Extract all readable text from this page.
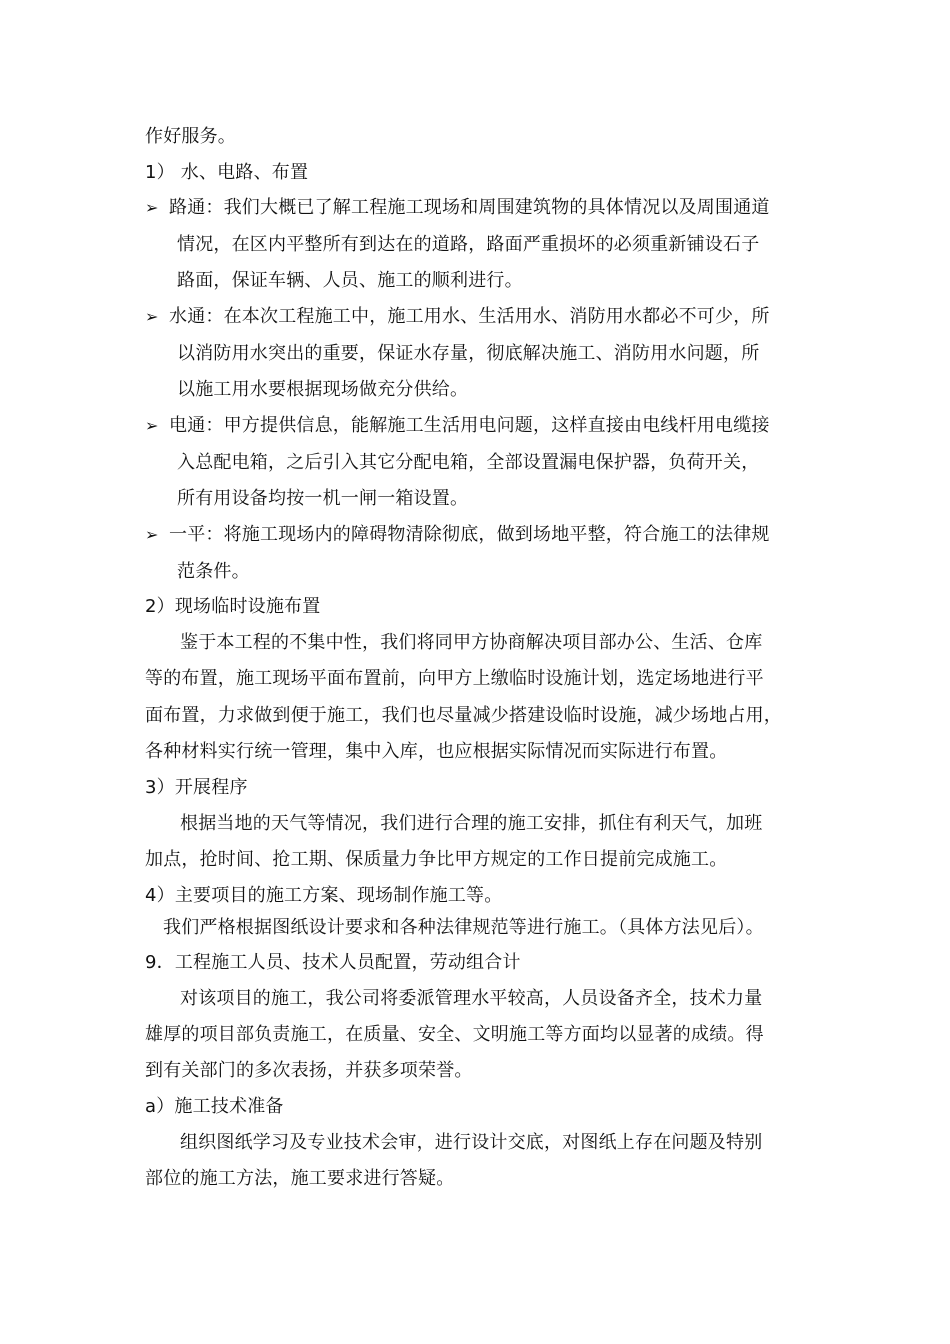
作好服务。
1） 水、电路、布置
➢ 路通：我们大概已了解工程施工现场和周围建筑物的具体情况以及周围通道
情况，在区内平整所有到达在的道路，路面严重损坏的必须重新铺设石子
路面，保证车辆、人员、施工的顺利进行。
➢ 水通：在本次工程施工中，施工用水、生活用水、消防用水都必不可少，所
以消防用水突出的重要，保证水存量，彻底解决施工、消防用水问题，所
以施工用水要根据现场做充分供给。
➢ 电通：甲方提供信息，能解施工生活用电问题，这样直接由电线杆用电缆接
入总配电箱，之后引入其它分配电箱，全部设置漏电保护器，负荷开关，
所有用设备均按一机一闸一箱设置。
➢ 一平：将施工现场内的障碍物清除彻底，做到场地平整，符合施工的法律规
范条件。
2）现场临时设施布置
鉴于本工程的不集中性，我们将同甲方协商解决项目部办公、生活、仓库
等的布置，施工现场平面布置前，向甲方上缴临时设施计划，选定场地进行平
面布置，力求做到便于施工，我们也尽量减少搭建设临时设施，减少场地占用，
各种材料实行统一管理，集中入库，也应根据实际情况而实际进行布置。
3）开展程序
根据当地的天气等情况，我们进行合理的施工安排，抓住有利天气，加班
加点，抢时间、抢工期、保质量力争比甲方规定的工作日提前完成施工。
4）主要项目的施工方案、现场制作施工等。
我们严格根据图纸设计要求和各种法律规范等进行施工。（具体方法见后）。
9．工程施工人员、技术人员配置，劳动组合计
对该项目的施工，我公司将委派管理水平较高，人员设备齐全，技术力量
雄厚的项目部负责施工，在质量、安全、文明施工等方面均以显著的成绩。得
到有关部门的多次表扬，并获多项荣誉。
a）施工技术准备
组织图纸学习及专业技术会审，进行设计交底，对图纸上存在问题及特别
部位的施工方法，施工要求进行答疑。
